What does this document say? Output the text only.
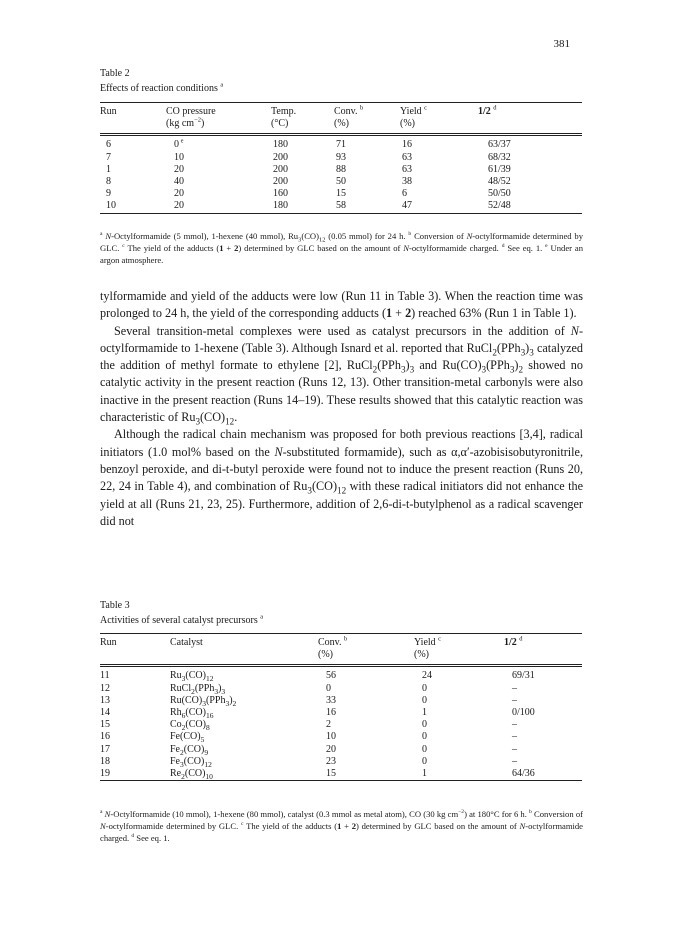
381
Table 2
Effects of reaction conditions $^a$
Run	CO pressure	Temp.	Conv. $^b$	Yield $^c$	1/2 $^d$
	(kg $cm^{-2}$)	(°C)	(%)	(%)	
6	0 $^e$	180	71	16	63/37
7	10	200	93	63	68/32
1	20	200	88	63	61/39
8	40	200	50	38	48/52
9	20	160	15	6	50/50
10	20	180	58	47	52/48
$^a$ N-Octylformamide (5 mmol), 1-hexene (40 mmol), $Ru_3(CO)_{12}$ (0.05 mmol) for 24 h. $^b$ Conversion of N-octylformamide determined by GLC. $^c$ The yield of the adducts (1 + 2) determined by GLC based on the amount of N-octylformamide charged. $^d$ See eq. 1. $^e$ Under an argon atmosphere.

tylformamide and yield of the adducts were low (Run 11 in Table 3). When the reaction time was prolonged to 24 h, the yield of the corresponding adducts (1 + 2) reached 63% (Run 1 in Table 1).

Several transition-metal complexes were used as catalyst precursors in the addition of N-octylformamide to 1-hexene (Table 3). Although Isnard et al. reported that $RuCl_2(PPh_3)_3$ catalyzed the addition of methyl formate to ethylene [2], $RuCl_2(PPh_3)_3$ and $Ru(CO)_3(PPh_3)_2$ showed no catalytic activity in the present reaction (Runs 12, 13). Other transition-metal carbonyls were also inactive in the present reaction (Runs 14–19). These results showed that this catalytic reaction was characteristic of $Ru_3(CO)_{12}$.

Although the radical chain mechanism was proposed for both previous reactions [3,4], radical initiators (1.0 mol% based on the N-substituted formamide), such as α,α′-azobisisobutyronitrile, benzoyl peroxide, and di-t-butyl peroxide were found not to induce the present reaction (Runs 20, 22, 24 in Table 4), and combination of $Ru_3(CO)_{12}$ with these radical initiators did not enhance the yield at all (Runs 21, 23, 25). Furthermore, addition of 2,6-di-t-butylphenol as a radical scavenger did not

Table 3
Activities of several catalyst precursors $^a$
Run	Catalyst	Conv. $^b$	Yield $^c$	1/2 $^d$
		(%)	(%)	
11	$Ru_3(CO)_{12}$	56	24	69/31
12	$RuCl_2(PPh_3)_3$	0	0	–
13	$Ru(CO)_3(PPh_3)_2$	33	0	–
14	$Rh_6(CO)_{16}$	16	1	0/100
15	$Co_2(CO)_8$	2	0	–
16	$Fe(CO)_5$	10	0	–
17	$Fe_2(CO)_9$	20	0	–
18	$Fe_3(CO)_{12}$	23	0	–
19	$Re_2(CO)_{10}$	15	1	64/36
$^a$ N-Octylformamide (10 mmol), 1-hexene (80 mmol), catalyst (0.3 mmol as metal atom), CO (30 kg $cm^{-2}$) at 180°C for 6 h. $^b$ Conversion of N-octylformamide determined by GLC. $^c$ The yield of the adducts (1 + 2) determined by GLC based on the amount of N-octylformamide charged. $^d$ See eq. 1.
